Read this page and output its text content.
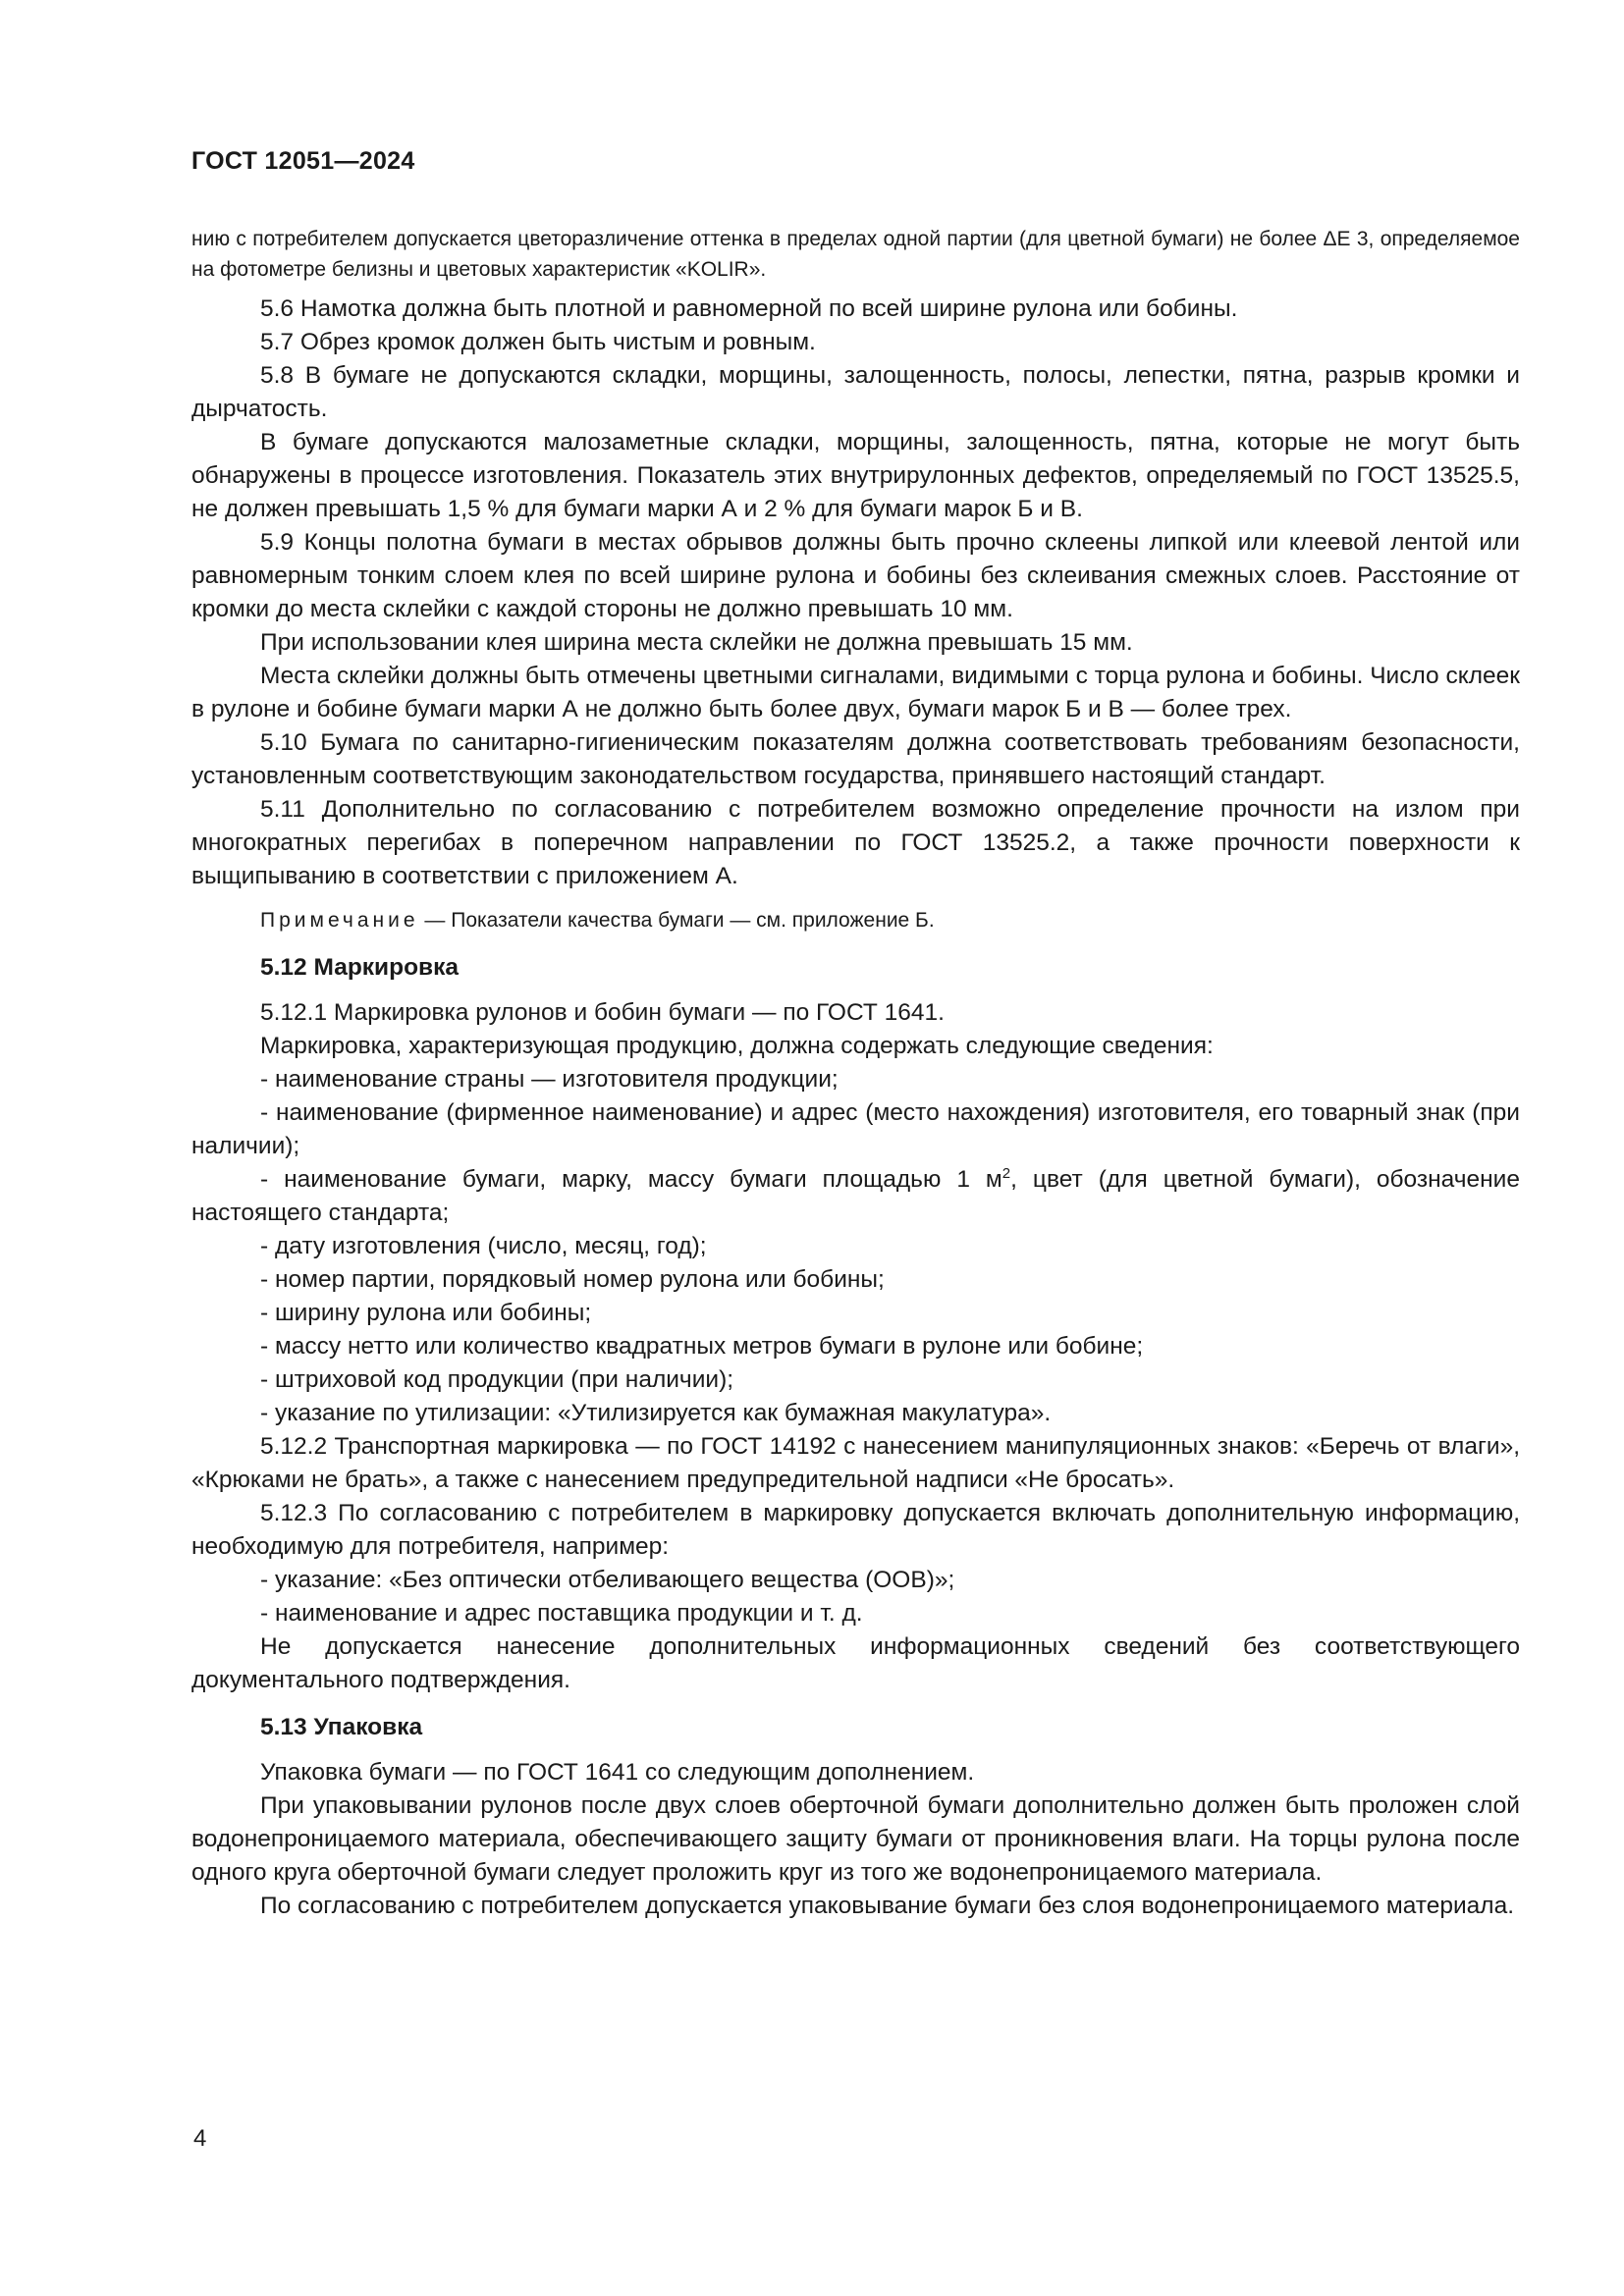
ГОСТ 12051—2024

нию с потребителем допускается цветоразличение оттенка в пределах одной партии (для цветной бумаги) не более ΔE 3, определяемое на фотометре белизны и цветовых характеристик «KOLIR».

5.6 Намотка должна быть плотной и равномерной по всей ширине рулона или бобины.

5.7 Обрез кромок должен быть чистым и ровным.

5.8 В бумаге не допускаются складки, морщины, залощенность, полосы, лепестки, пятна, разрыв кромки и дырчатость.

В бумаге допускаются малозаметные складки, морщины, залощенность, пятна, которые не могут быть обнаружены в процессе изготовления. Показатель этих внутрирулонных дефектов, определяемый по ГОСТ 13525.5, не должен превышать 1,5 % для бумаги марки А и 2 % для бумаги марок Б и В.

5.9 Концы полотна бумаги в местах обрывов должны быть прочно склеены липкой или клеевой лентой или равномерным тонким слоем клея по всей ширине рулона и бобины без склеивания смежных слоев. Расстояние от кромки до места склейки с каждой стороны не должно превышать 10 мм.

При использовании клея ширина места склейки не должна превышать 15 мм.

Места склейки должны быть отмечены цветными сигналами, видимыми с торца рулона и бобины. Число склеек в рулоне и бобине бумаги марки А не должно быть более двух, бумаги марок Б и В — более трех.

5.10 Бумага по санитарно-гигиеническим показателям должна соответствовать требованиям безопасности, установленным соответствующим законодательством государства, принявшего настоящий стандарт.

5.11 Дополнительно по согласованию с потребителем возможно определение прочности на излом при многократных перегибах в поперечном направлении по ГОСТ 13525.2, а также прочности поверхности к выщипыванию в соответствии с приложением А.

Примечание — Показатели качества бумаги — см. приложение Б.

5.12 Маркировка

5.12.1 Маркировка рулонов и бобин бумаги — по ГОСТ 1641.

Маркировка, характеризующая продукцию, должна содержать следующие сведения:

- наименование страны — изготовителя продукции;

- наименование (фирменное наименование) и адрес (место нахождения) изготовителя, его товарный знак (при наличии);

- наименование бумаги, марку, массу бумаги площадью 1 $м^2$, цвет (для цветной бумаги), обозначение настоящего стандарта;

- дату изготовления (число, месяц, год);

- номер партии, порядковый номер рулона или бобины;

- ширину рулона или бобины;

- массу нетто или количество квадратных метров бумаги в рулоне или бобине;

- штриховой код продукции (при наличии);

- указание по утилизации: «Утилизируется как бумажная макулатура».

5.12.2 Транспортная маркировка — по ГОСТ 14192 с нанесением манипуляционных знаков: «Беречь от влаги», «Крюками не брать», а также с нанесением предупредительной надписи «Не бросать».

5.12.3 По согласованию с потребителем в маркировку допускается включать дополнительную информацию, необходимую для потребителя, например:

- указание: «Без оптически отбеливающего вещества (ООВ)»;

- наименование и адрес поставщика продукции и т. д.

Не допускается нанесение дополнительных информационных сведений без соответствующего документального подтверждения.

5.13 Упаковка

Упаковка бумаги — по ГОСТ 1641 со следующим дополнением.

При упаковывании рулонов после двух слоев оберточной бумаги дополнительно должен быть проложен слой водонепроницаемого материала, обеспечивающего защиту бумаги от проникновения влаги. На торцы рулона после одного круга оберточной бумаги следует проложить круг из того же водонепроницаемого материала.

По согласованию с потребителем допускается упаковывание бумаги без слоя водонепроницаемого материала.

4
